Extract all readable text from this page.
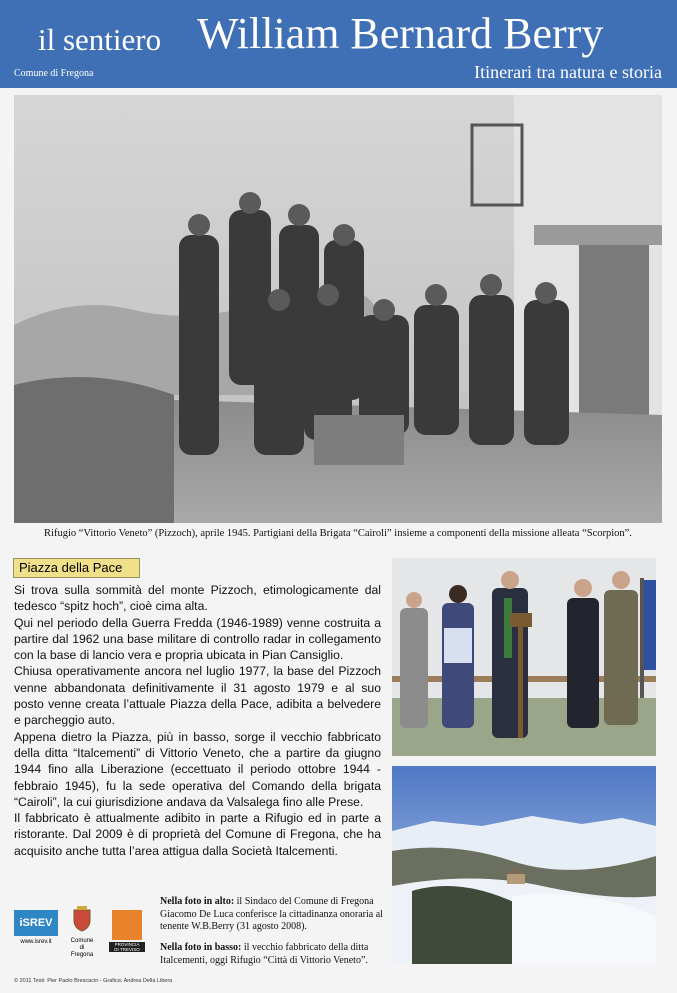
il sentiero William Bernard Berry
Comune di Fregona	Itinerari tra natura e storia
Rifugio “Vittorio Veneto” (Pizzoch), aprile 1945. Partigiani della Brigata “Cairoli” insieme a componenti della missione alleata “Scorpion”.
Piazza della Pace

Si trova sulla sommità del monte Pizzoch, etimologicamente dal tedesco “spitz hoch”, cioè cima alta.

Qui nel periodo della Guerra Fredda (1946-1989) venne costruita a partire dal 1962 una base militare di controllo radar in collegamento con la base di lancio vera e propria ubicata in Pian Cansiglio.

Chiusa operativamente ancora nel luglio 1977, la base del Pizzoch venne abbandonata definitivamente il 31 agosto 1979 e al suo posto venne creata l’attuale Piazza della Pace, adibita a belvedere e parcheggio auto.

Appena dietro la Piazza, più in basso, sorge il vecchio fabbricato della ditta “Italcementi” di Vittorio Veneto, che a partire da giugno 1944 fino alla Liberazione (eccettuato il periodo ottobre 1944 - febbraio 1945), fu la sede operativa del Comando della brigata “Cairoli”, la cui giurisdizione andava da Valsalega fino alle Prese.

Il fabbricato è attualmente adibito in parte a Rifugio ed in parte a ristorante. Dal 2009 è di proprietà del Comune di Fregona, che ha acquisito anche tutta l’area attigua dalla Società Italcementi.

iSREV
www.isrev.it	Comune
di
Fregona
PROVINCIA
DI TREVISO
Nella foto in alto: il Sindaco del Comune di Fregona Giacomo De Luca conferisce la cittadinanza onoraria al tenente W.B.Berry (31 agosto 2008).
Nella foto in basso: il vecchio fabbricato della ditta Italcementi, oggi Rifugio “Città di Vittorio Veneto”.
© 2011 Testi: Pier Paolo Brescacin - Grafica: Andrea Della Libera
